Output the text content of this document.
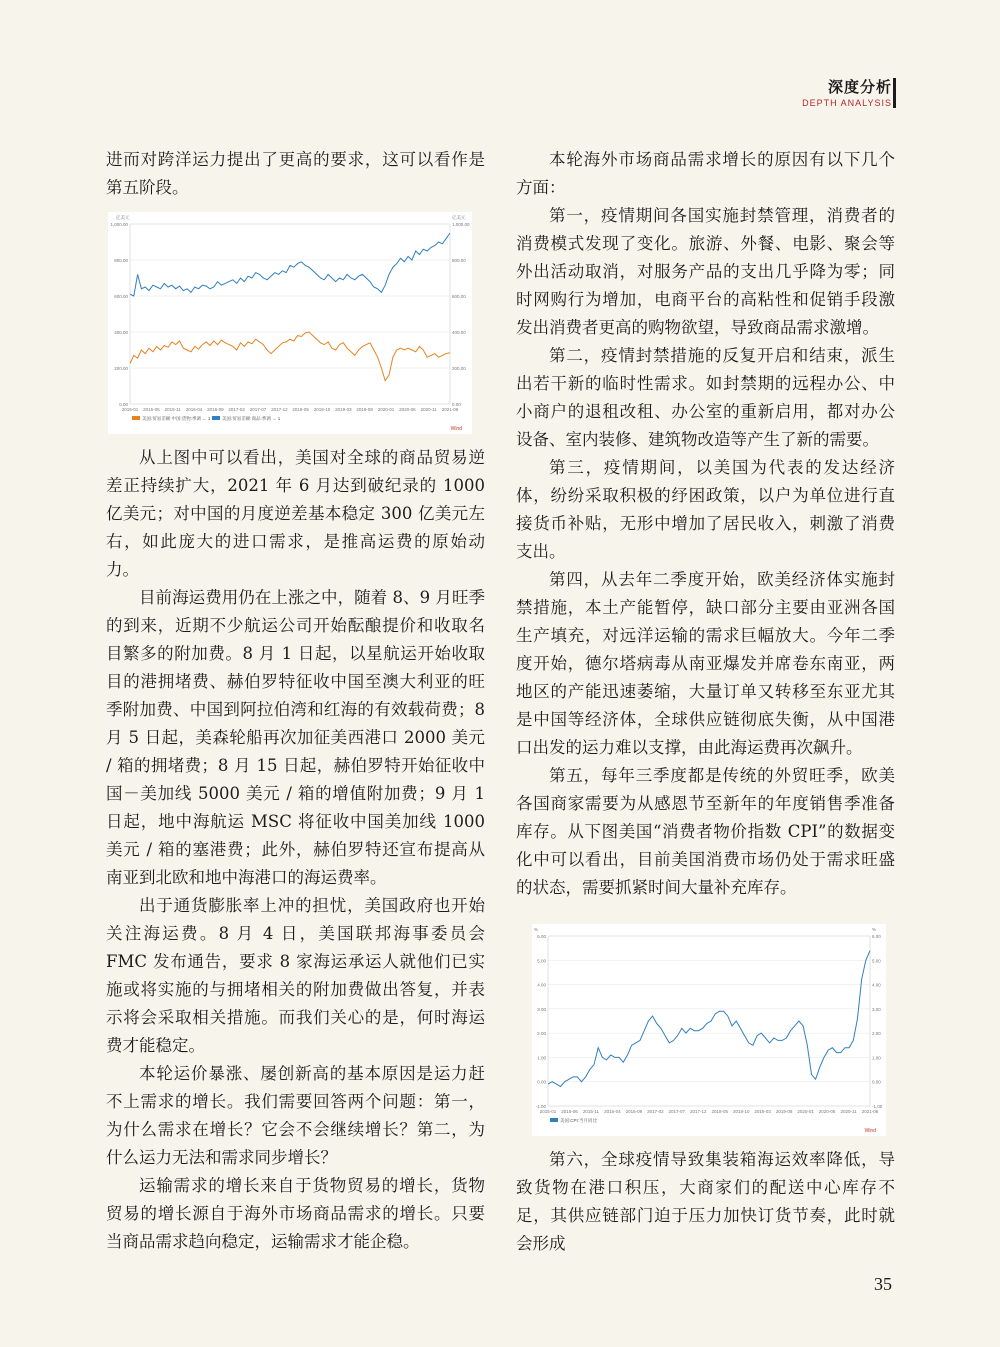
深度分析
DEPTH ANALYSIS

进而对跨洋运力提出了更高的要求，这可以看作是第五阶段。

0.00	0.00
200.00	200.00
400.00	400.00
600.00	600.00
800.00	800.00
1,000.00	1,000.00
亿美元	亿美元
2015-01 2015-06 2015-11 2016-04 2016-09 2017-02 2017-07 2017-12 2018-05 2018-10 2019-03 2019-08 2020-01 2020-06 2020-11 2021-06
美国:贸易差额:中国:货物:季调 ← 1	美国:贸易差额:商品:季调 → 1
Wind

从上图中可以看出，美国对全球的商品贸易逆差正持续扩大，2021 年 6 月达到破纪录的 1000 亿美元；对中国的月度逆差基本稳定 300 亿美元左右，如此庞大的进口需求，是推高运费的原始动力。

目前海运费用仍在上涨之中，随着 8、9 月旺季的到来，近期不少航运公司开始酝酿提价和收取名目繁多的附加费。8 月 1 日起，以星航运开始收取目的港拥堵费、赫伯罗特征收中国至澳大利亚的旺季附加费、中国到阿拉伯湾和红海的有效载荷费；8 月 5 日起，美森轮船再次加征美西港口 2000 美元 / 箱的拥堵费；8 月 15 日起，赫伯罗特开始征收中国－美加线 5000 美元 / 箱的增值附加费；9 月 1 日起，地中海航运 MSC 将征收中国美加线 1000 美元 / 箱的塞港费；此外，赫伯罗特还宣布提高从南亚到北欧和地中海港口的海运费率。

出于通货膨胀率上冲的担忧，美国政府也开始关注海运费。8 月 4 日，美国联邦海事委员会 FMC 发布通告，要求 8 家海运承运人就他们已实施或将实施的与拥堵相关的附加费做出答复，并表示将会采取相关措施。而我们关心的是，何时海运费才能稳定。

本轮运价暴涨、屡创新高的基本原因是运力赶不上需求的增长。我们需要回答两个问题：第一，为什么需求在增长？它会不会继续增长？第二，为什么运力无法和需求同步增长？

运输需求的增长来自于货物贸易的增长，货物贸易的增长源自于海外市场商品需求的增长。只要当商品需求趋向稳定，运输需求才能企稳。

本轮海外市场商品需求增长的原因有以下几个方面：

第一，疫情期间各国实施封禁管理，消费者的消费模式发现了变化。旅游、外餐、电影、聚会等外出活动取消，对服务产品的支出几乎降为零；同时网购行为增加，电商平台的高粘性和促销手段激发出消费者更高的购物欲望，导致商品需求激增。

第二，疫情封禁措施的反复开启和结束，派生出若干新的临时性需求。如封禁期的远程办公、中小商户的退租改租、办公室的重新启用，都对办公设备、室内装修、建筑物改造等产生了新的需要。

第三，疫情期间，以美国为代表的发达经济体，纷纷采取积极的纾困政策，以户为单位进行直接货币补贴，无形中增加了居民收入，刺激了消费支出。

第四，从去年二季度开始，欧美经济体实施封禁措施，本土产能暂停，缺口部分主要由亚洲各国生产填充，对远洋运输的需求巨幅放大。今年二季度开始，德尔塔病毒从南亚爆发并席卷东南亚，两地区的产能迅速萎缩，大量订单又转移至东亚尤其是中国等经济体，全球供应链彻底失衡，从中国港口出发的运力难以支撑，由此海运费再次飙升。

第五，每年三季度都是传统的外贸旺季，欧美各国商家需要为从感恩节至新年的年度销售季准备库存。从下图美国“消费者物价指数 CPI”的数据变化中可以看出，目前美国消费市场仍处于需求旺盛的状态，需要抓紧时间大量补充库存。

-1.00	-1.00
0.00	0.00
1.00	1.00
2.00	2.00
3.00	3.00
4.00	4.00
5.00	5.00
6.00	6.00
%	%
2015-01 2015-06 2015-11 2016-04 2016-09 2017-02 2017-07 2017-12 2018-05 2018-10 2019-03 2019-08 2020-01 2020-06 2020-11 2021-06
美国:CPI:当月同比
Wind

第六，全球疫情导致集装箱海运效率降低，导致货物在港口积压，大商家们的配送中心库存不足，其供应链部门迫于压力加快订货节奏，此时就会形成

35
